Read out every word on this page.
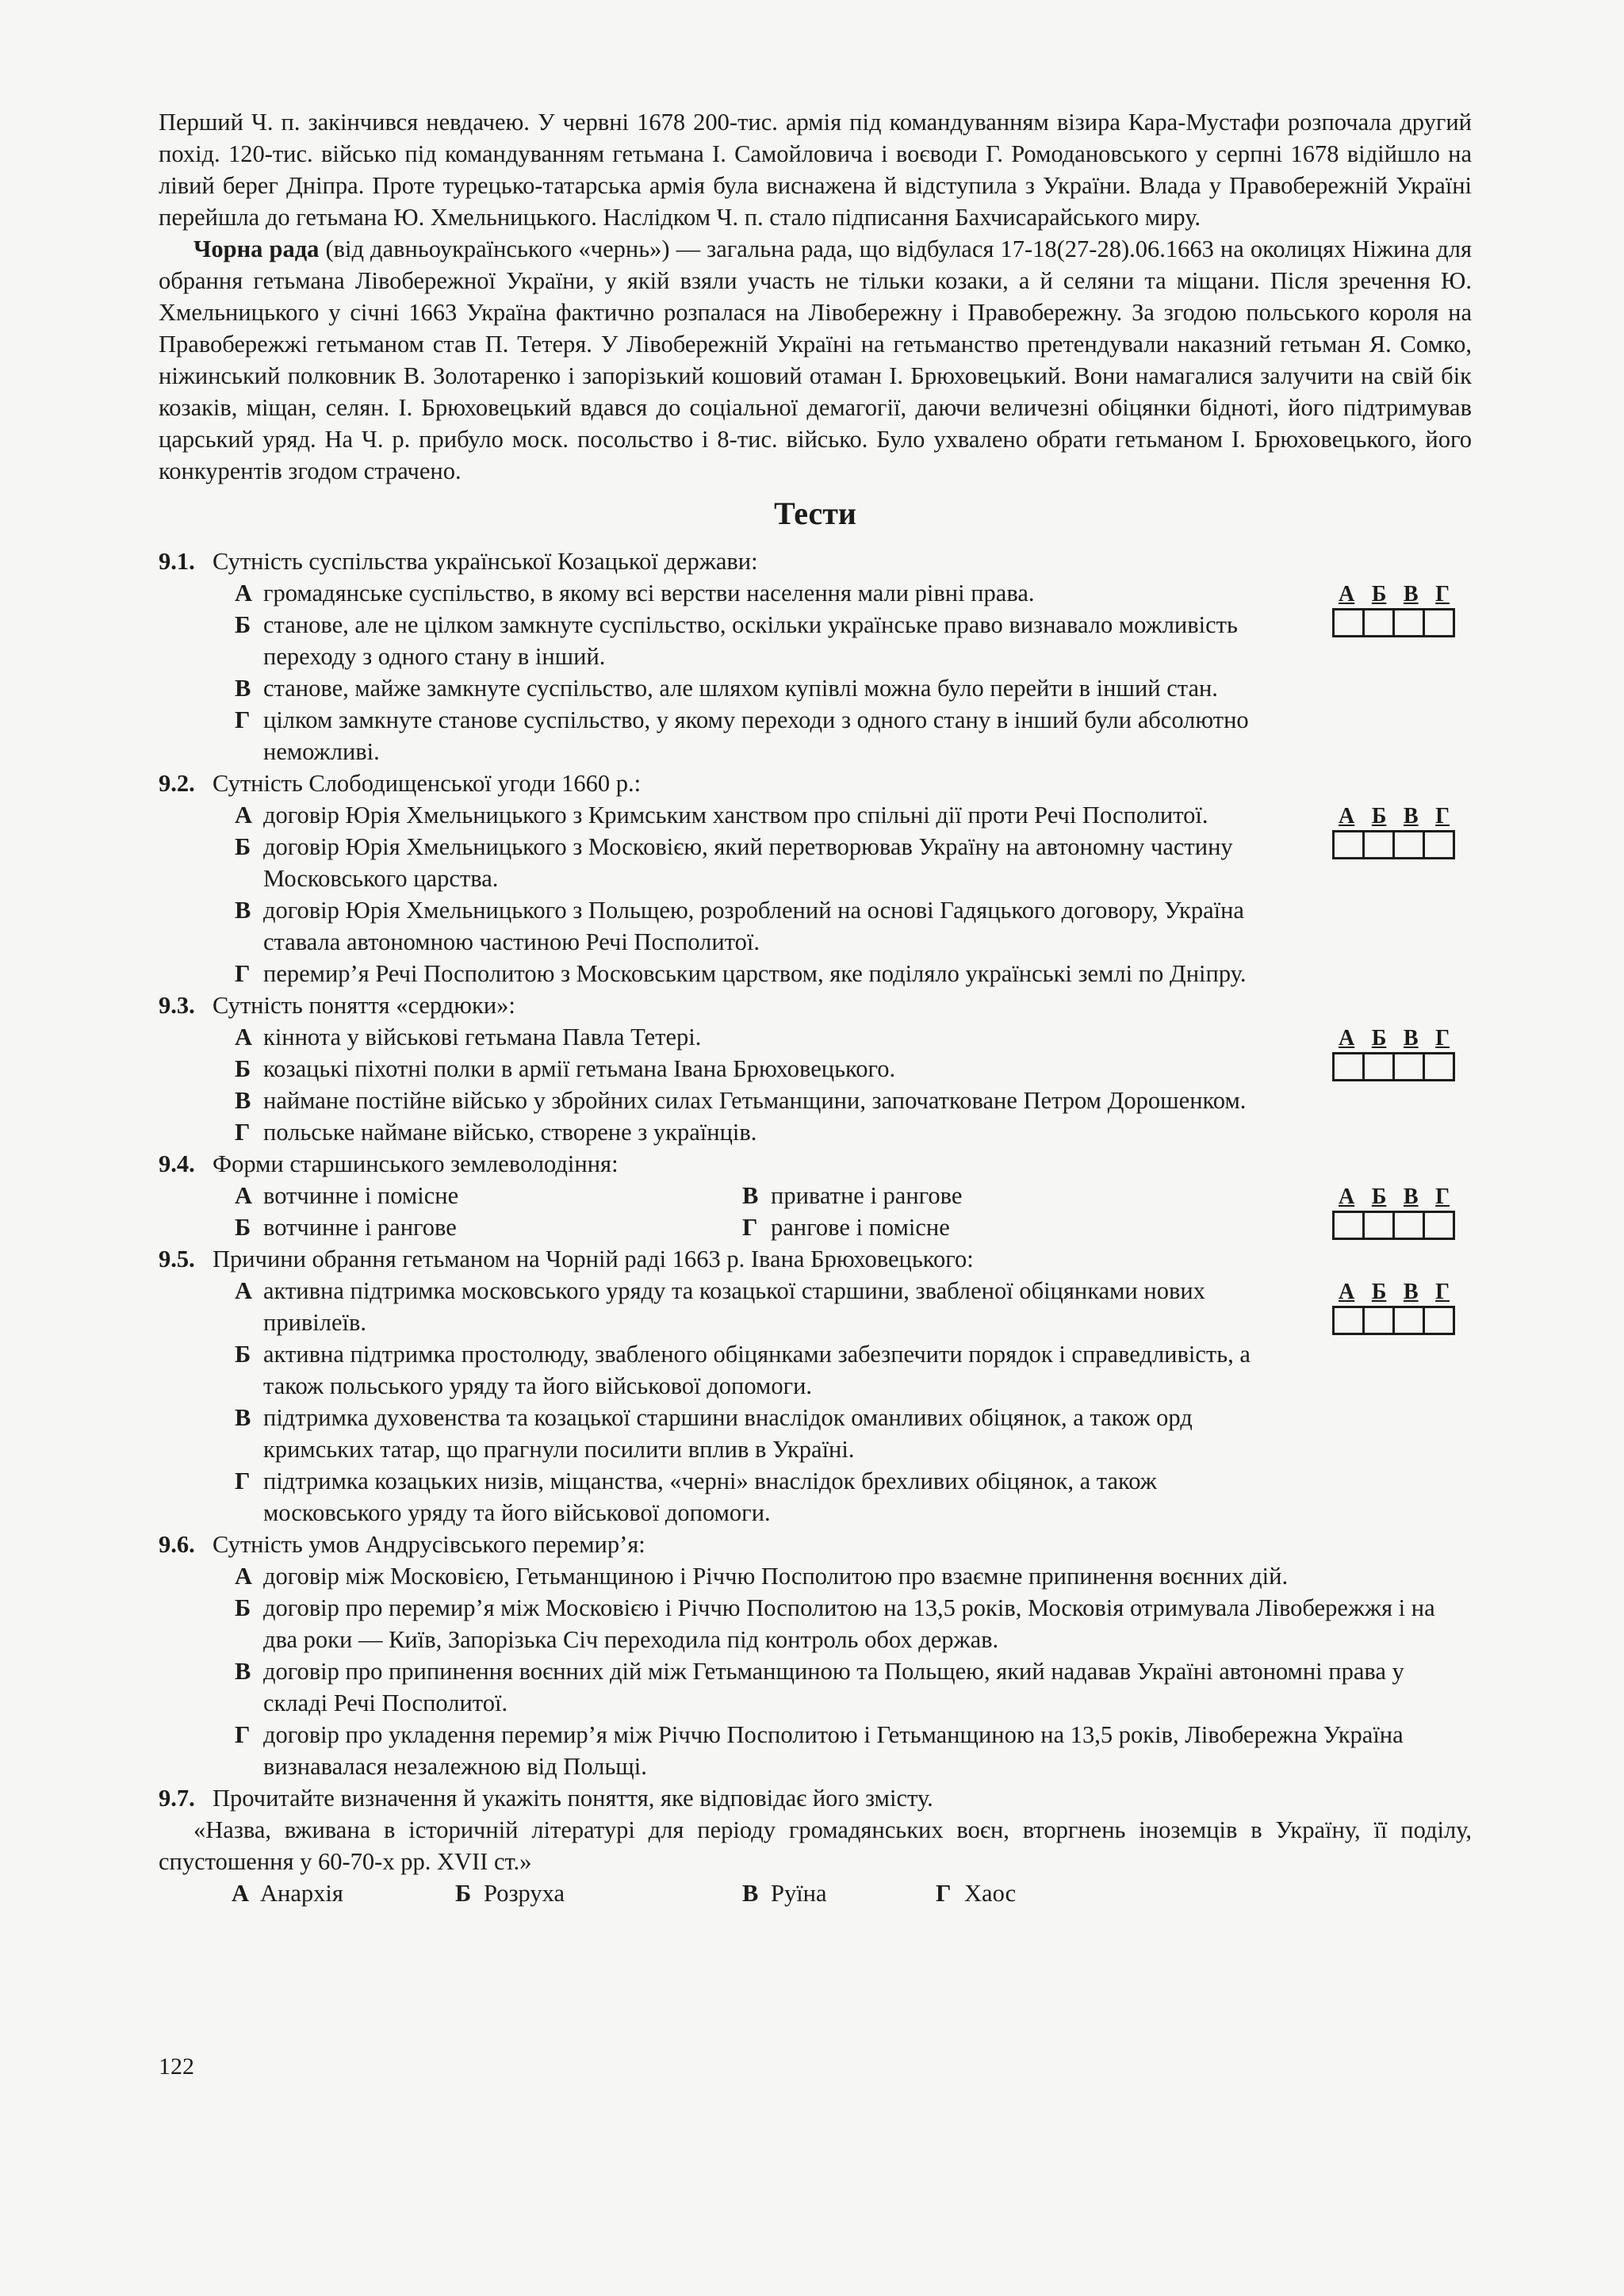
Перший Ч. п. закінчився невдачею. У червні 1678 200-тис. армія під командуванням візира Кара-Мустафи розпочала другий похід. 120-тис. військо під командуванням гетьмана І. Самойловича і воєводи Г. Ромодановського у серпні 1678 відійшло на лівий берег Дніпра. Проте турецько-татарська армія була виснажена й відступила з України. Влада у Правобережній Україні перейшла до гетьмана Ю. Хмельницького. Наслідком Ч. п. стало підписання Бахчисарайського миру.

Чорна рада (від давньоукраїнського «чернь») — загальна рада, що відбулася 17-18(27-28).06.1663 на околицях Ніжина для обрання гетьмана Лівобережної України, у якій взяли участь не тільки козаки, а й селяни та міщани. Після зречення Ю. Хмельницького у січні 1663 Україна фактично розпалася на Лівобережну і Правобережну. За згодою польського короля на Правобережжі гетьманом став П. Тетеря. У Лівобережній Україні на гетьманство претендували наказний гетьман Я. Сомко, ніжинський полковник В. Золотаренко і запорізький кошовий отаман І. Брюховецький. Вони намагалися залучити на свій бік козаків, міщан, селян. І. Брюховецький вдався до соціальної демагогії, даючи величезні обіцянки бідноті, його підтримував царський уряд. На Ч. р. прибуло моск. посольство і 8-тис. військо. Було ухвалено обрати гетьманом І. Брюховецького, його конкурентів згодом страчено.

Тести
9.1. Сутність суспільства української Козацької держави:
А громадянське суспільство, в якому всі верстви населення мали рівні права.
Б станове, але не цілком замкнуте суспільство, оскільки українське право визнавало можливість переходу з одного стану в інший.
В станове, майже замкнуте суспільство, але шляхом купівлі можна було перейти в інший стан.
Г цілком замкнуте станове суспільство, у якому переходи з одного стану в інший були абсолютно неможливі.
А Б В Г
9.2. Сутність Слободищенської угоди 1660 р.:
А договір Юрія Хмельницького з Кримським ханством про спільні дії проти Речі Посполитої.
Б договір Юрія Хмельницького з Московією, який перетворював Україну на автономну частину Московського царства.
В договір Юрія Хмельницького з Польщею, розроблений на основі Гадяцького договору, Україна ставала автономною частиною Речі Посполитої.
Г перемир’я Речі Посполитою з Московським царством, яке поділяло українські землі по Дніпру.
А Б В Г
9.3. Сутність поняття «сердюки»:
А кіннота у військові гетьмана Павла Тетері.
Б козацькі піхотні полки в армії гетьмана Івана Брюховецького.
В наймане постійне військо у збройних силах Гетьманщини, започатковане Петром Дорошенком.
Г польське наймане військо, створене з українців.
А Б В Г
9.4. Форми старшинського землеволодіння:
А вотчинне і помісне	В приватне і рангове
Б вотчинне і рангове	Г рангове і помісне
А Б В Г
9.5. Причини обрання гетьманом на Чорній раді 1663 р. Івана Брюховецького:
А активна підтримка московського уряду та козацької старшини, звабленої обіцянками нових привілеїв.
Б активна підтримка простолюду, звабленого обіцянками забезпечити порядок і справедливість, а також польського уряду та його військової допомоги.
В підтримка духовенства та козацької старшини внаслідок оманливих обіцянок, а також орд кримських татар, що прагнули посилити вплив в Україні.
Г підтримка козацьких низів, міщанства, «черні» внаслідок брехливих обіцянок, а також московського уряду та його військової допомоги.
А Б В Г
9.6. Сутність умов Андрусівського перемир’я:
А договір між Московією, Гетьманщиною і Річчю Посполитою про взаємне припинення воєнних дій.
Б договір про перемир’я між Московією і Річчю Посполитою на 13,5 років, Московія отримувала Лівобережжя і на два роки — Київ, Запорізька Січ переходила під контроль обох держав.
В договір про припинення воєнних дій між Гетьманщиною та Польщею, який надавав Україні автономні права у складі Речі Посполитої.
Г договір про укладення перемир’я між Річчю Посполитою і Гетьманщиною на 13,5 років, Лівобережна Україна визнавалася незалежною від Польщі.
9.7. Прочитайте визначення й укажіть поняття, яке відповідає його змісту.

«Назва, вживана в історичній літературі для періоду громадянських воєн, вторгнень іноземців в Україну, її поділу, спустошення у 60-70-х рр. XVII ст.»

А Анархія	Б Розруха	В Руїна	Г Хаос
122
